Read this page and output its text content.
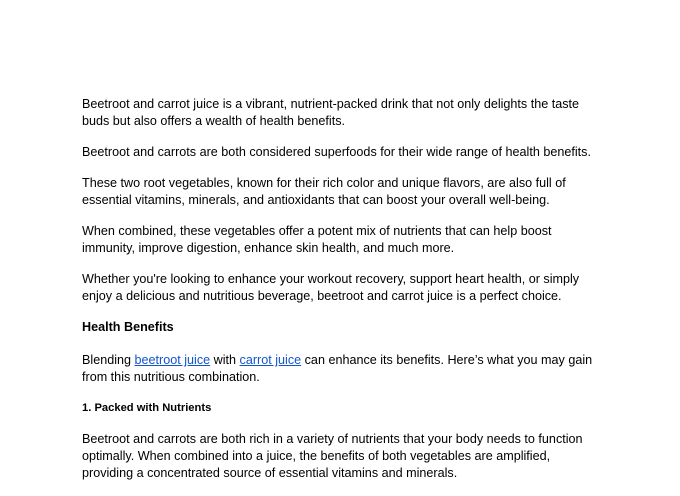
Beetroot and carrot juice is a vibrant, nutrient-packed drink that not only delights the taste buds but also offers a wealth of health benefits.

Beetroot and carrots are both considered superfoods for their wide range of health benefits.

These two root vegetables, known for their rich color and unique flavors, are also full of essential vitamins, minerals, and antioxidants that can boost your overall well-being.

When combined, these vegetables offer a potent mix of nutrients that can help boost immunity, improve digestion, enhance skin health, and much more.

Whether you're looking to enhance your workout recovery, support heart health, or simply enjoy a delicious and nutritious beverage, beetroot and carrot juice is a perfect choice.

Health Benefits

Blending beetroot juice with carrot juice can enhance its benefits. Here’s what you may gain from this nutritious combination.

1. Packed with Nutrients

Beetroot and carrots are both rich in a variety of nutrients that your body needs to function optimally. When combined into a juice, the benefits of both vegetables are amplified, providing a concentrated source of essential vitamins and minerals.
